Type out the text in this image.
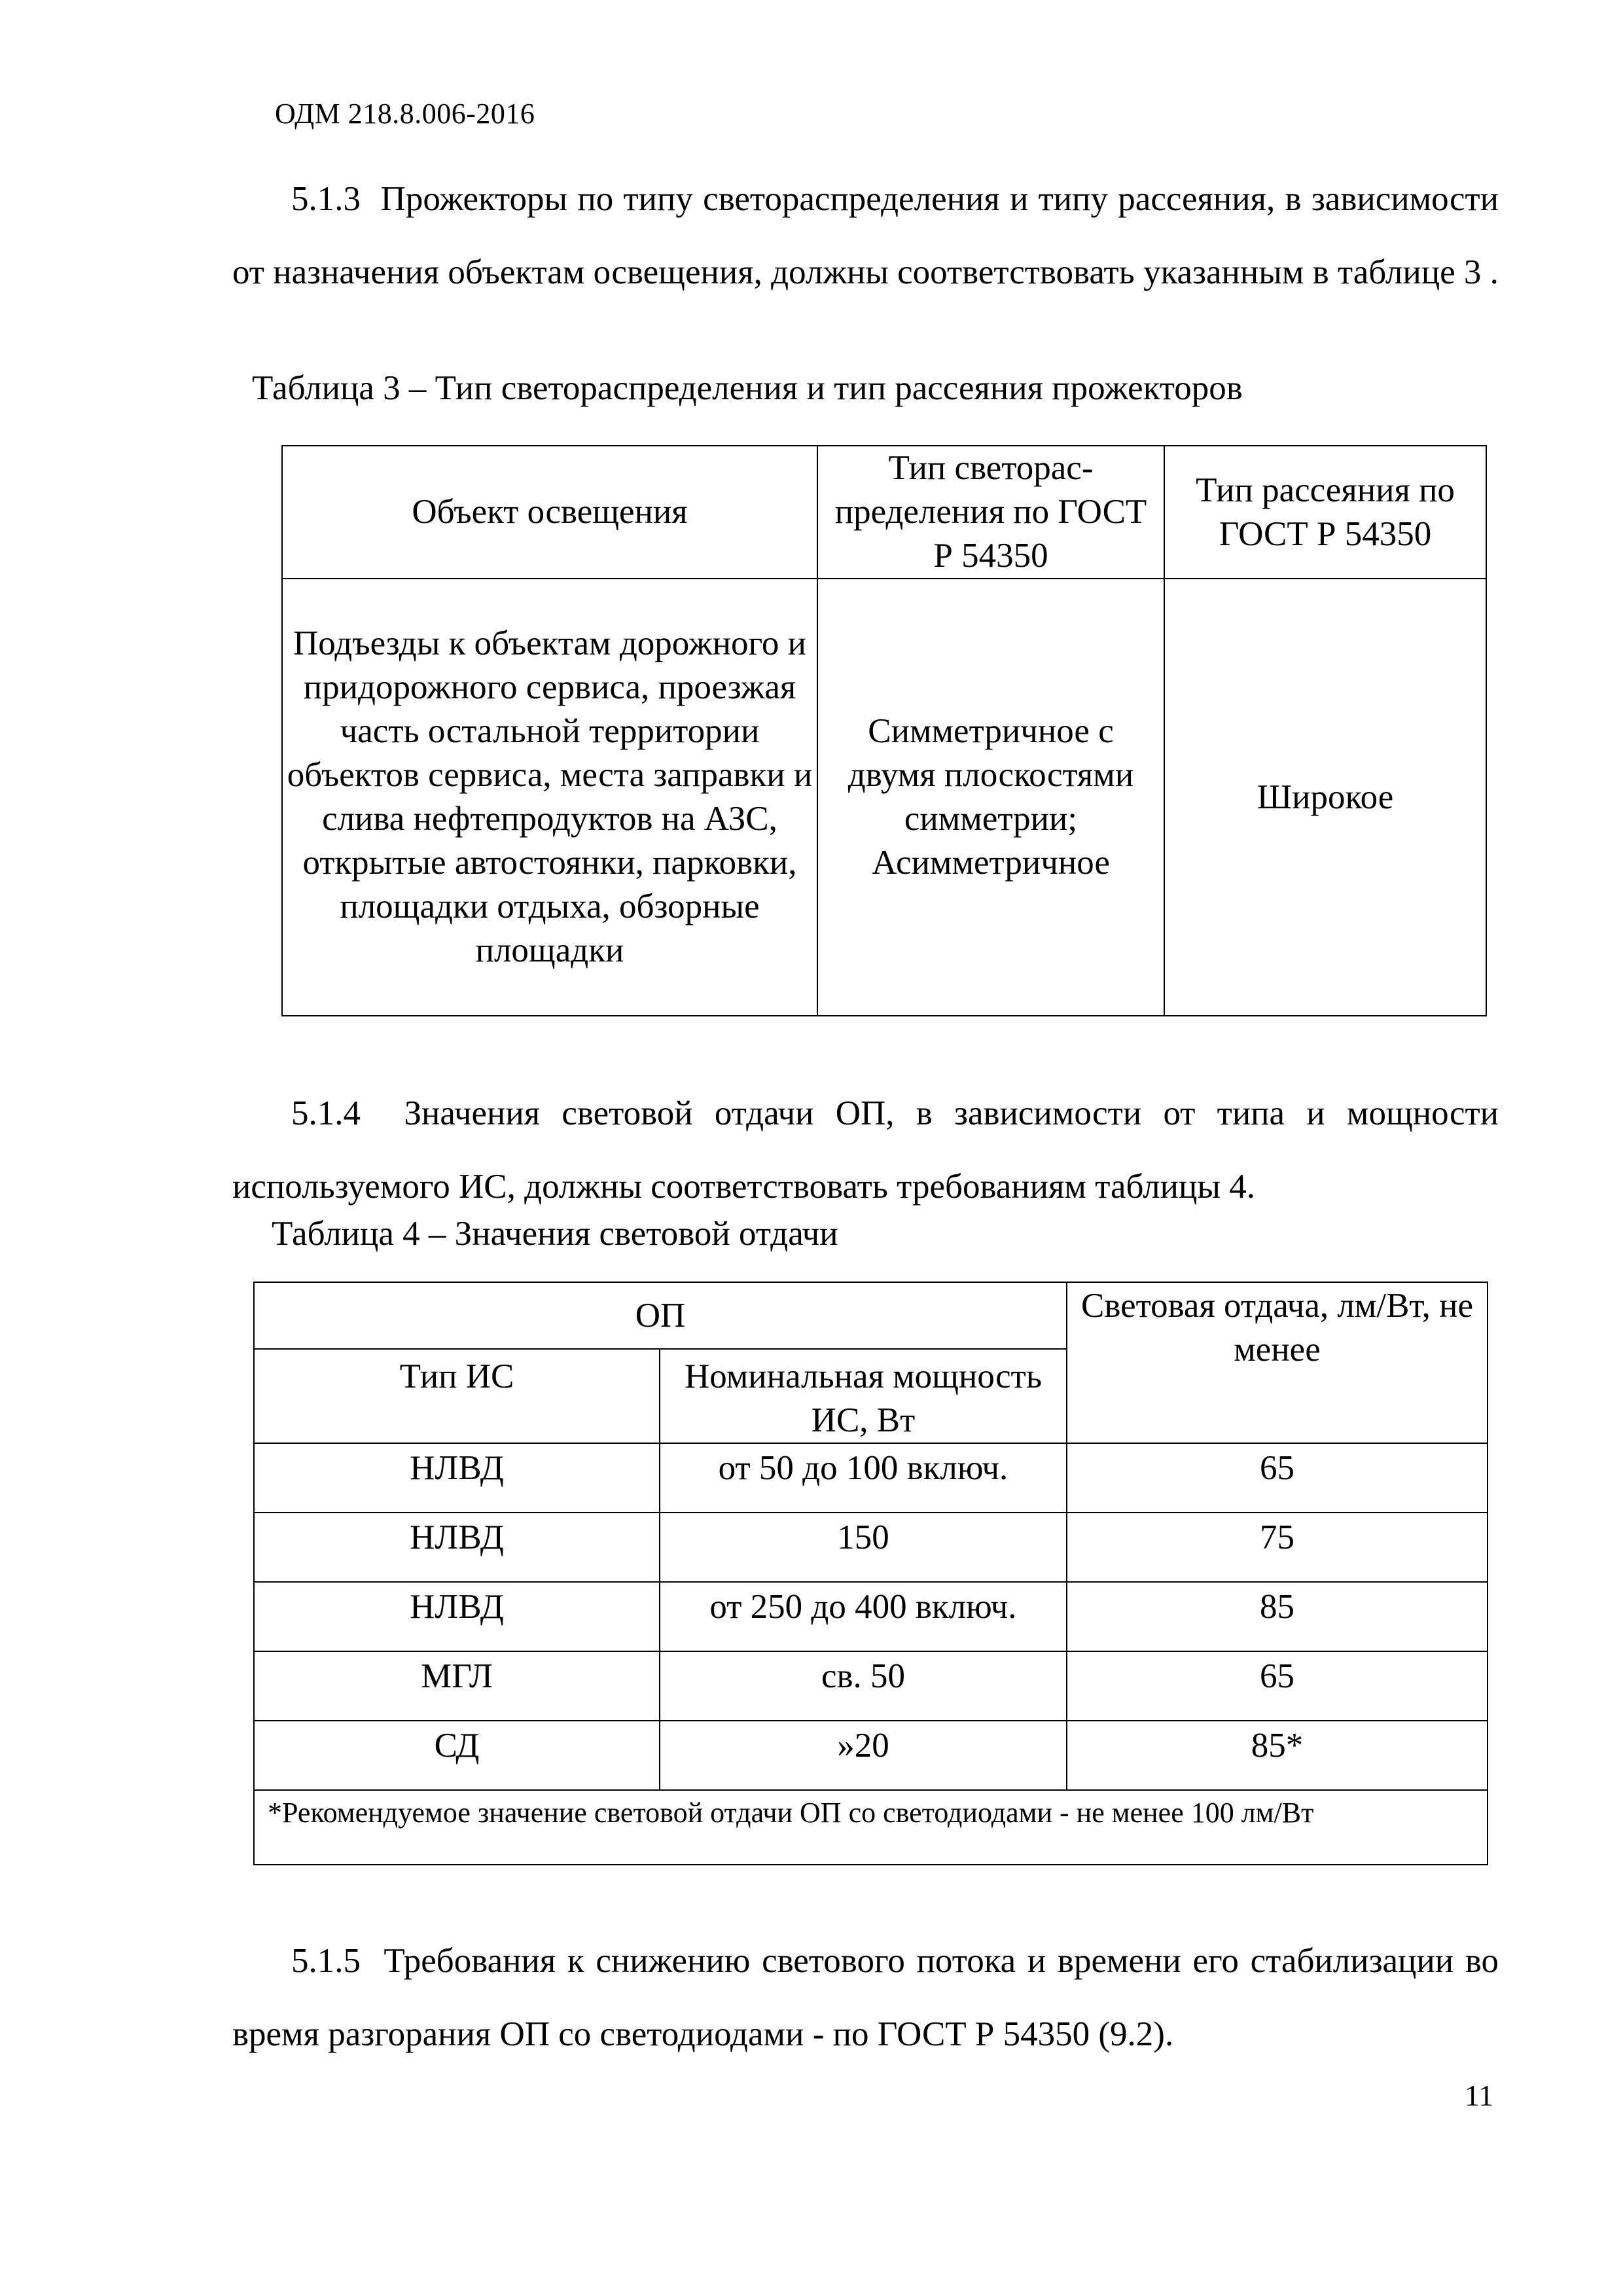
ОДМ 218.8.006-2016
5.1.3 Прожекторы по типу светораспределения и типу рассеяния, в зависимости от назначения объектам освещения, должны соответствовать указанным в таблице 3 .
Таблица 3 – Тип светораспределения и тип рассеяния прожекторов
Объект освещения	Тип светорас-пределения по ГОСТ Р 54350	Тип рассеяния по ГОСТ Р 54350
Подъезды к объектам дорожного и придорожного сервиса, проезжая часть остальной территории объектов сервиса, места заправки и слива нефтепродуктов на АЗС, открытые автостоянки, парковки, площадки отдыха, обзорные площадки	Симметричное с двумя плоскостями симметрии; Асимметричное	Широкое
5.1.4 Значения световой отдачи ОП, в зависимости от типа и мощности используемого ИС, должны соответствовать требованиям таблицы 4.
Таблица 4 – Значения световой отдачи
ОП		Световая отдача, лм/Вт, не менее
Тип ИС	Номинальная мощность ИС, Вт	
НЛВД	от 50 до 100 включ.	65
НЛВД	150	75
НЛВД	от 250 до 400 включ.	85
МГЛ	св. 50	65
СД	»20	85*
*Рекомендуемое значение световой отдачи ОП со светодиодами - не менее 100 лм/Вт		
5.1.5 Требования к снижению светового потока и времени его стабилизации во время разгорания ОП со светодиодами - по ГОСТ Р 54350 (9.2).
11
